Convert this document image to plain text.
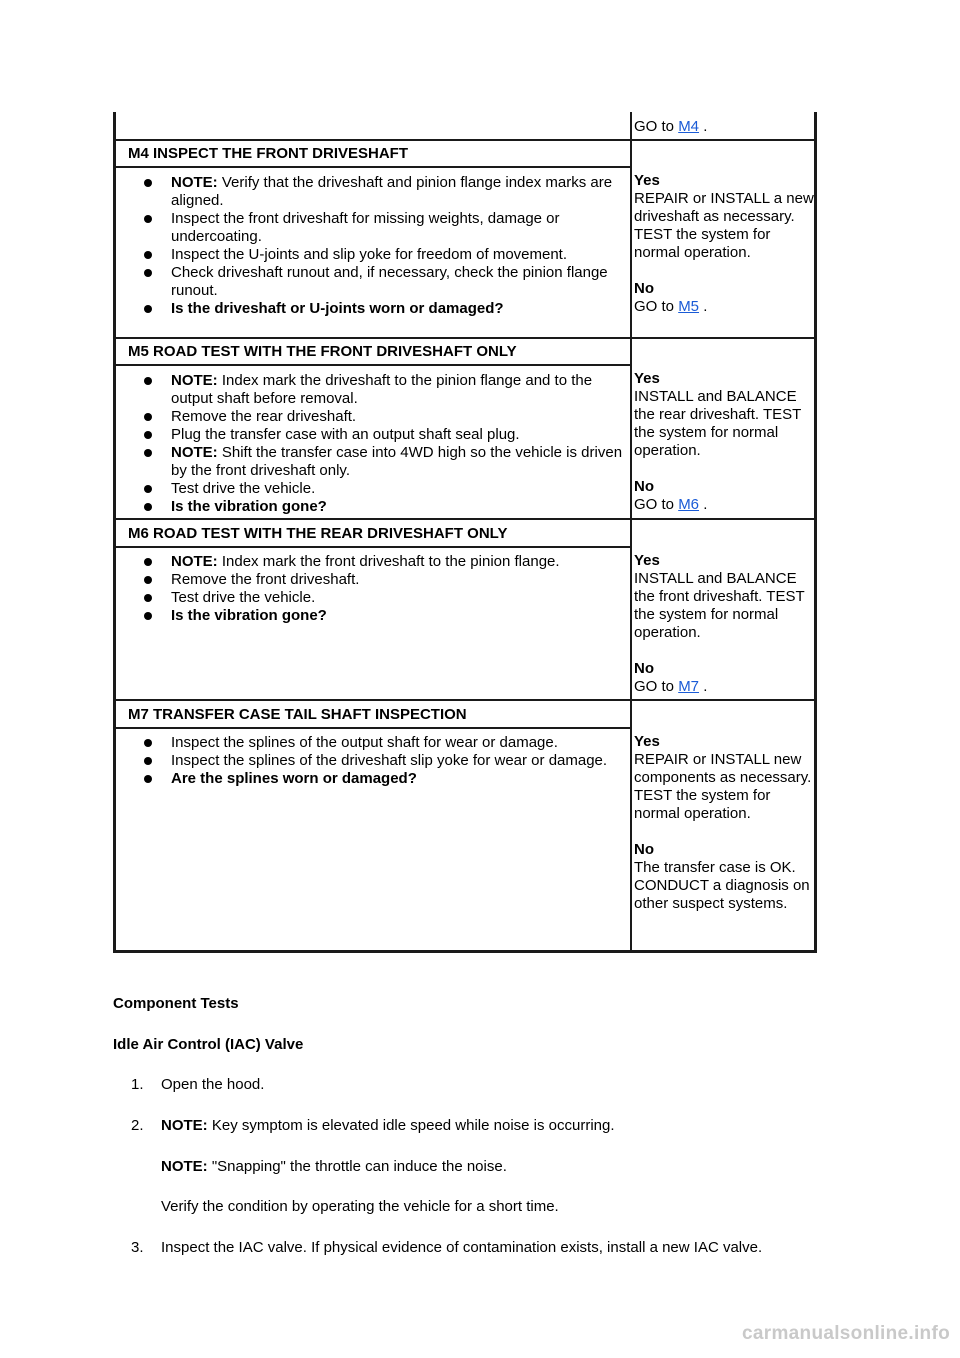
GO to M4 .
M4 INSPECT THE FRONT DRIVESHAFT
NOTE: Verify that the driveshaft and pinion flange index marks are aligned.
Inspect the front driveshaft for missing weights, damage or undercoating.
Inspect the U-joints and slip yoke for freedom of movement.
Check driveshaft runout and, if necessary, check the pinion flange runout.
Is the driveshaft or U-joints worn or damaged?
Yes
REPAIR or INSTALL a new driveshaft as necessary. TEST the system for normal operation.
No
GO to M5 .
M5 ROAD TEST WITH THE FRONT DRIVESHAFT ONLY
NOTE: Index mark the driveshaft to the pinion flange and to the output shaft before removal.
Remove the rear driveshaft.
Plug the transfer case with an output shaft seal plug.
NOTE: Shift the transfer case into 4WD high so the vehicle is driven by the front driveshaft only.
Test drive the vehicle.
Is the vibration gone?
Yes
INSTALL and BALANCE the rear driveshaft. TEST the system for normal operation.
No
GO to M6 .
M6 ROAD TEST WITH THE REAR DRIVESHAFT ONLY
NOTE: Index mark the front driveshaft to the pinion flange.
Remove the front driveshaft.
Test drive the vehicle.
Is the vibration gone?
Yes
INSTALL and BALANCE the front driveshaft. TEST the system for normal operation.
No
GO to M7 .
M7 TRANSFER CASE TAIL SHAFT INSPECTION
Inspect the splines of the output shaft for wear or damage.
Inspect the splines of the driveshaft slip yoke for wear or damage.
Are the splines worn or damaged?
Yes
REPAIR or INSTALL new components as necessary. TEST the system for normal operation.
No
The transfer case is OK. CONDUCT a diagnosis on other suspect systems.
Component Tests
Idle Air Control (IAC) Valve
1. Open the hood.
2. NOTE: Key symptom is elevated idle speed while noise is occurring.
NOTE: "Snapping" the throttle can induce the noise.
Verify the condition by operating the vehicle for a short time.
3. Inspect the IAC valve. If physical evidence of contamination exists, install a new IAC valve.
carmanualsonline.info
